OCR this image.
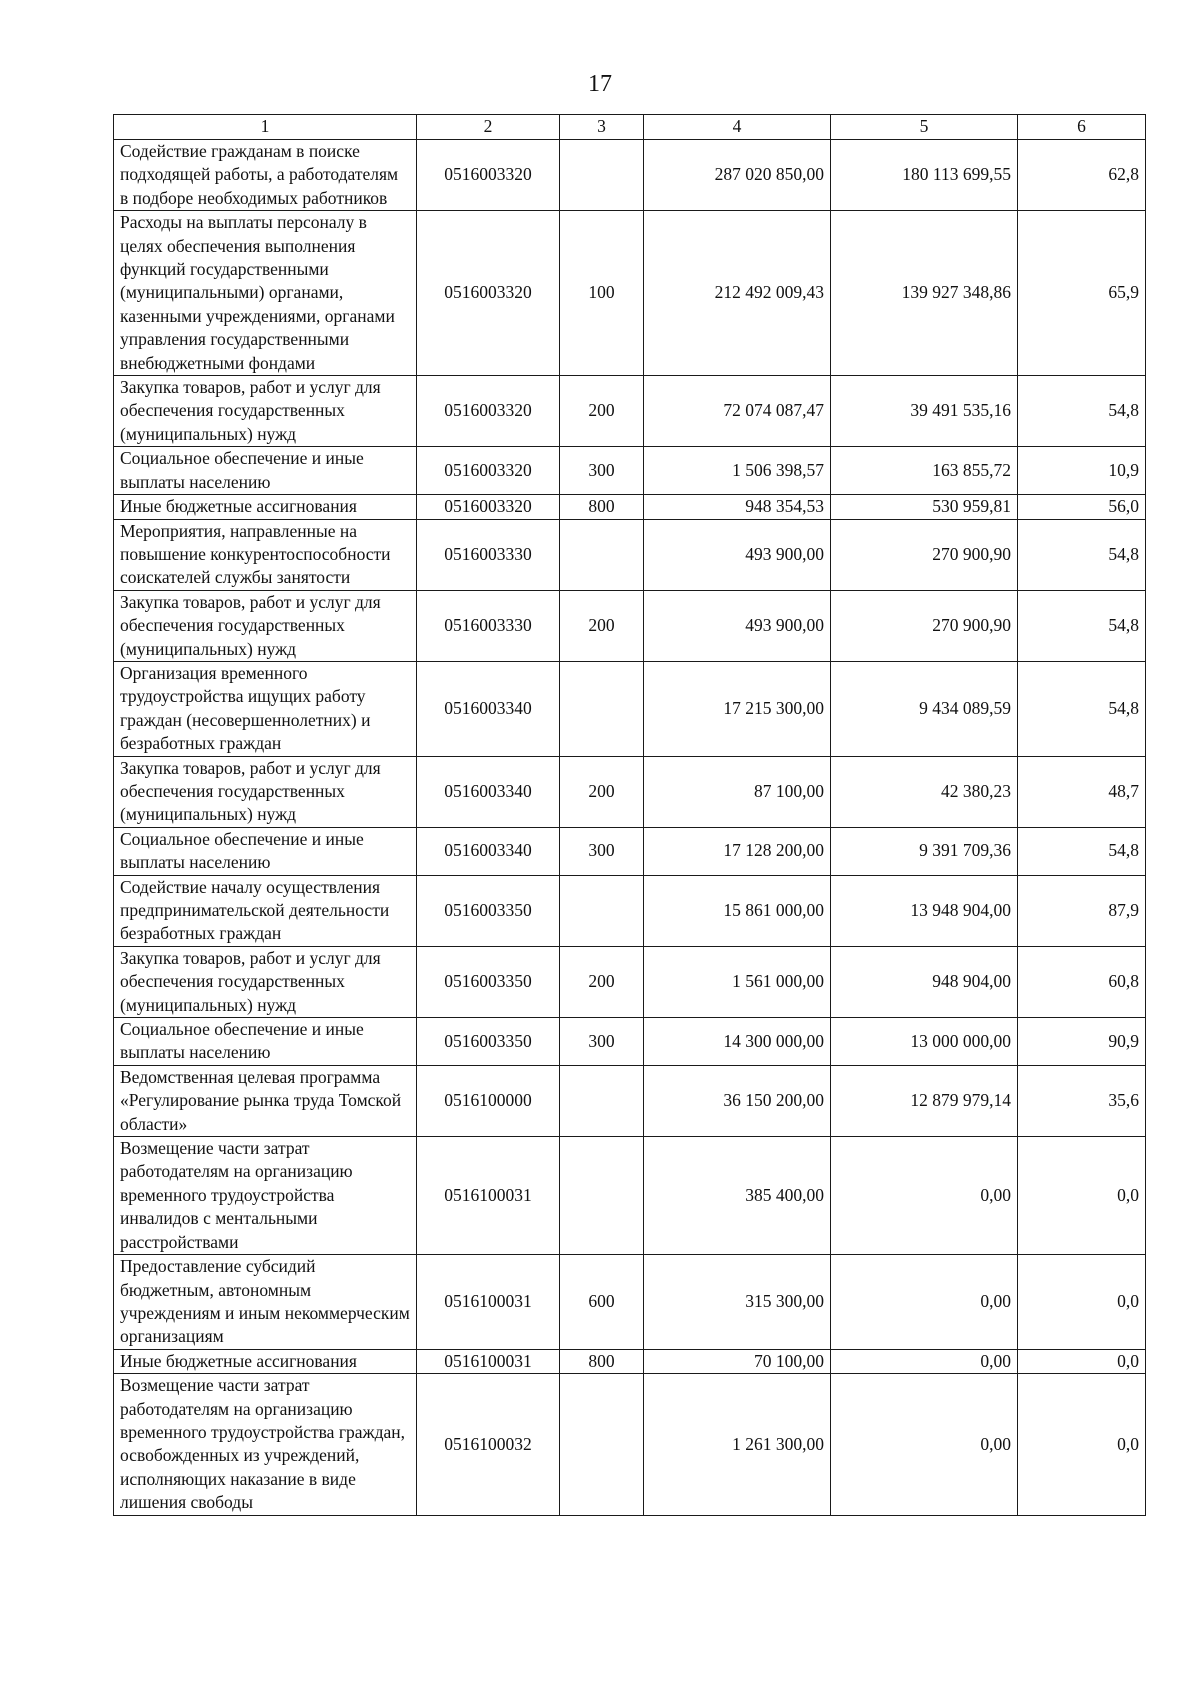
17
1	2	3	4	5	6
Содействие гражданам в поиске подходящей работы, а работодателям в подборе необходимых работников	0516003320		287 020 850,00	180 113 699,55	62,8
Расходы на выплаты персоналу в целях обеспечения выполнения функций государственными (муниципальными) органами, казенными учреждениями, органами управления государственными внебюджетными фондами	0516003320	100	212 492 009,43	139 927 348,86	65,9
Закупка товаров, работ и услуг для обеспечения государственных (муниципальных) нужд	0516003320	200	72 074 087,47	39 491 535,16	54,8
Социальное обеспечение и иные выплаты населению	0516003320	300	1 506 398,57	163 855,72	10,9
Иные бюджетные ассигнования	0516003320	800	948 354,53	530 959,81	56,0
Мероприятия, направленные на повышение конкурентоспособности соискателей службы занятости	0516003330		493 900,00	270 900,90	54,8
Закупка товаров, работ и услуг для обеспечения государственных (муниципальных) нужд	0516003330	200	493 900,00	270 900,90	54,8
Организация временного трудоустройства ищущих работу граждан (несовершеннолетних) и безработных граждан	0516003340		17 215 300,00	9 434 089,59	54,8
Закупка товаров, работ и услуг для обеспечения государственных (муниципальных) нужд	0516003340	200	87 100,00	42 380,23	48,7
Социальное обеспечение и иные выплаты населению	0516003340	300	17 128 200,00	9 391 709,36	54,8
Содействие началу осуществления предпринимательской деятельности безработных граждан	0516003350		15 861 000,00	13 948 904,00	87,9
Закупка товаров, работ и услуг для обеспечения государственных (муниципальных) нужд	0516003350	200	1 561 000,00	948 904,00	60,8
Социальное обеспечение и иные выплаты населению	0516003350	300	14 300 000,00	13 000 000,00	90,9
Ведомственная целевая программа «Регулирование рынка труда Томской области»	0516100000		36 150 200,00	12 879 979,14	35,6
Возмещение части затрат работодателям на организацию временного трудоустройства инвалидов с ментальными расстройствами	0516100031		385 400,00	0,00	0,0
Предоставление субсидий бюджетным, автономным учреждениям и иным некоммерческим организациям	0516100031	600	315 300,00	0,00	0,0
Иные бюджетные ассигнования	0516100031	800	70 100,00	0,00	0,0
Возмещение части затрат работодателям на организацию временного трудоустройства граждан, освобожденных из учреждений, исполняющих наказание в виде лишения свободы	0516100032		1 261 300,00	0,00	0,0
